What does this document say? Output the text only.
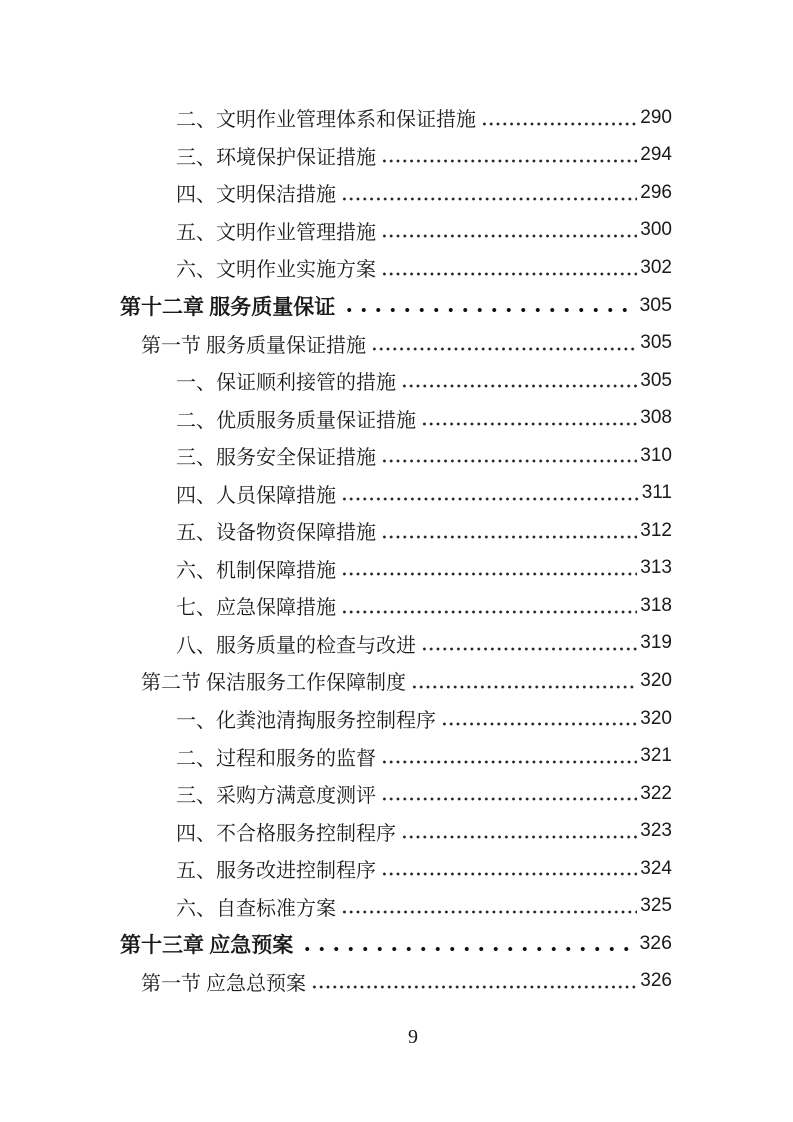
二、文明作业管理体系和保证措施	290
三、环境保护保证措施	294
四、文明保洁措施	296
五、文明作业管理措施	300
六、文明作业实施方案	302
第十二章 服务质量保证	305
第一节 服务质量保证措施	305
一、保证顺利接管的措施	305
二、优质服务质量保证措施	308
三、服务安全保证措施	310
四、人员保障措施	311
五、设备物资保障措施	312
六、机制保障措施	313
七、应急保障措施	318
八、服务质量的检查与改进	319
第二节 保洁服务工作保障制度	320
一、化粪池清掏服务控制程序	320
二、过程和服务的监督	321
三、采购方满意度测评	322
四、不合格服务控制程序	323
五、服务改进控制程序	324
六、自查标准方案	325
第十三章 应急预案	326
第一节 应急总预案	326
9
